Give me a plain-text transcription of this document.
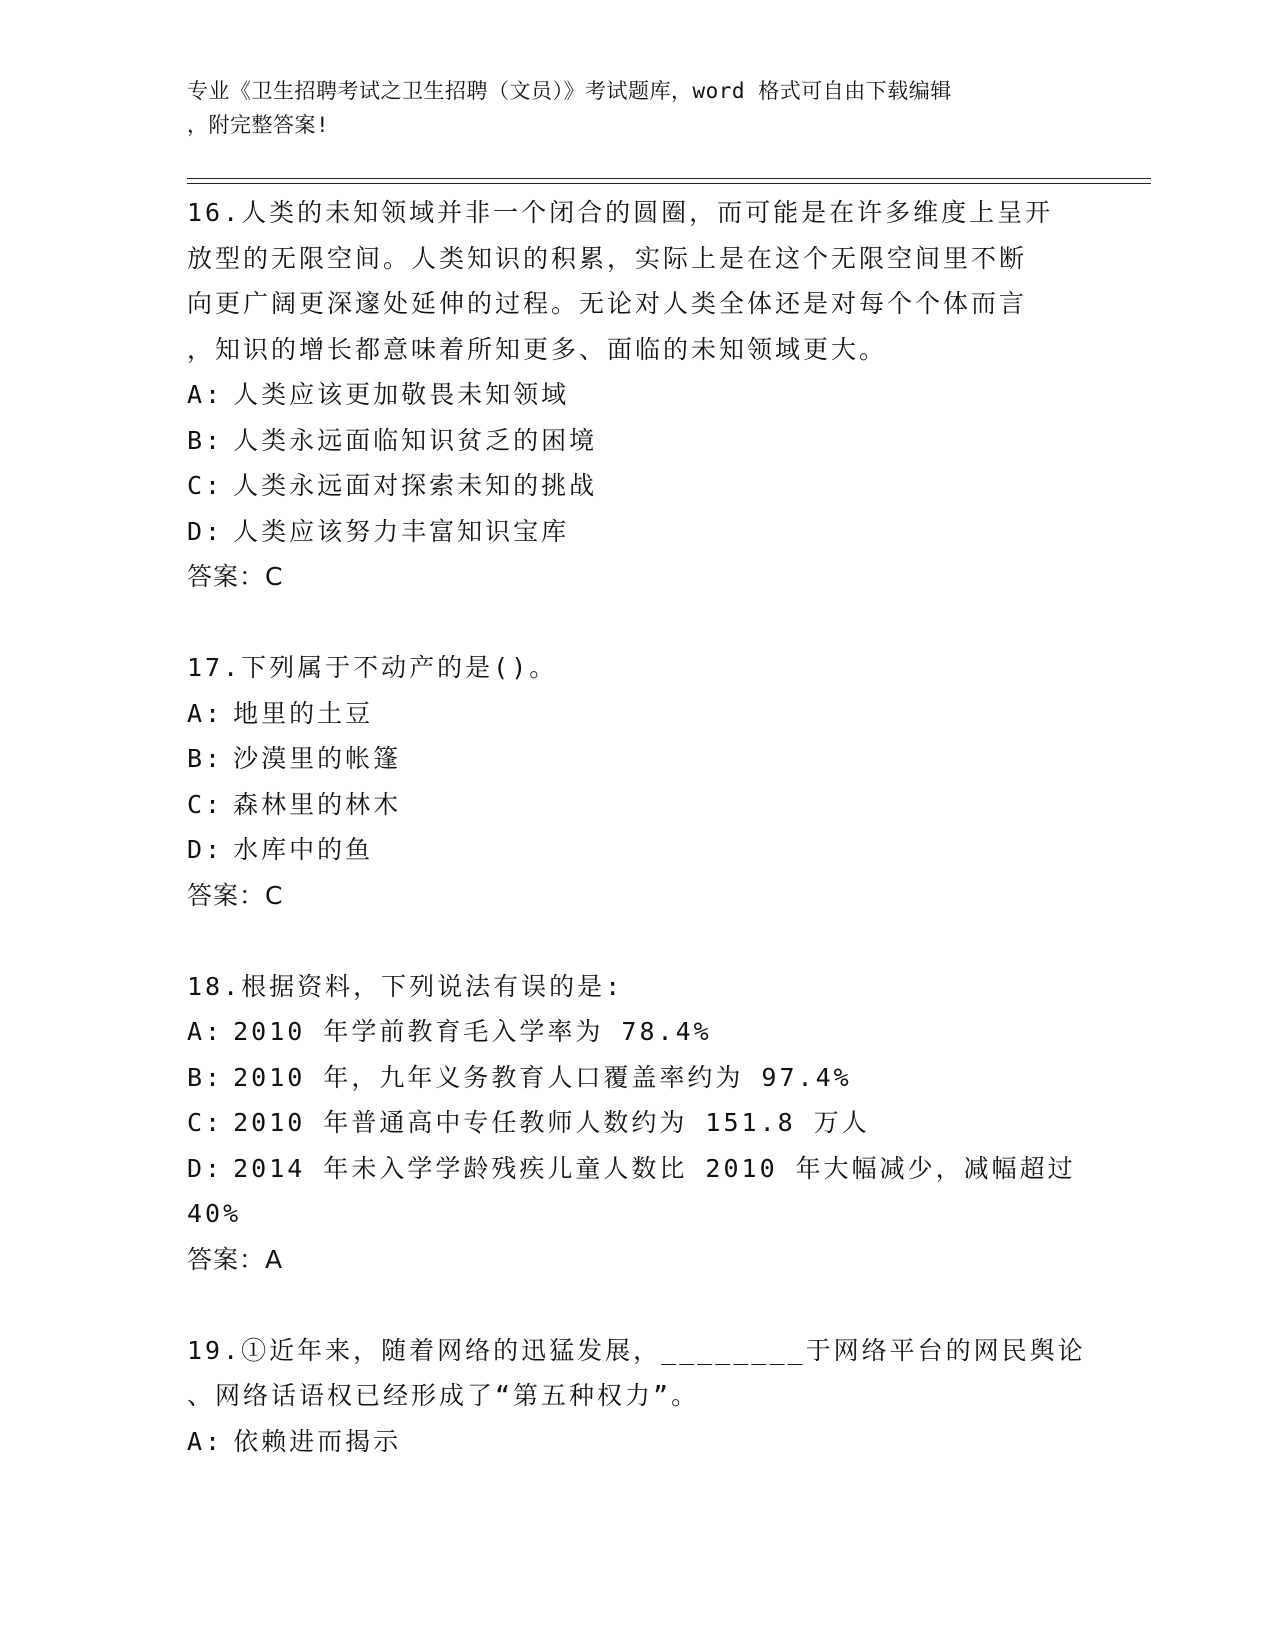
专业《卫生招聘考试之卫生招聘（文员）》考试题库，word 格式可自由下载编辑
，附完整答案!
16.人类的未知领域并非一个闭合的圆圈，而可能是在许多维度上呈开
放型的无限空间。人类知识的积累，实际上是在这个无限空间里不断
向更广阔更深邃处延伸的过程。无论对人类全体还是对每个个体而言
，知识的增长都意味着所知更多、面临的未知领域更大。
A: 人类应该更加敬畏未知领域
B: 人类永远面临知识贫乏的困境
C: 人类永远面对探索未知的挑战
D: 人类应该努力丰富知识宝库
答案：C
17.下列属于不动产的是()。
A: 地里的土豆
B: 沙漠里的帐篷
C: 森林里的林木
D: 水库中的鱼
答案：C
18.根据资料，下列说法有误的是:
A: 2010 年学前教育毛入学率为 78.4%
B: 2010 年，九年义务教育人口覆盖率约为 97.4%
C: 2010 年普通高中专任教师人数约为 151.8 万人
D: 2014 年未入学学龄残疾儿童人数比 2010 年大幅减少，减幅超过
40%
答案：A
19.①近年来，随着网络的迅猛发展，________于网络平台的网民舆论
、网络话语权已经形成了“第五种权力”。
A: 依赖进而揭示
